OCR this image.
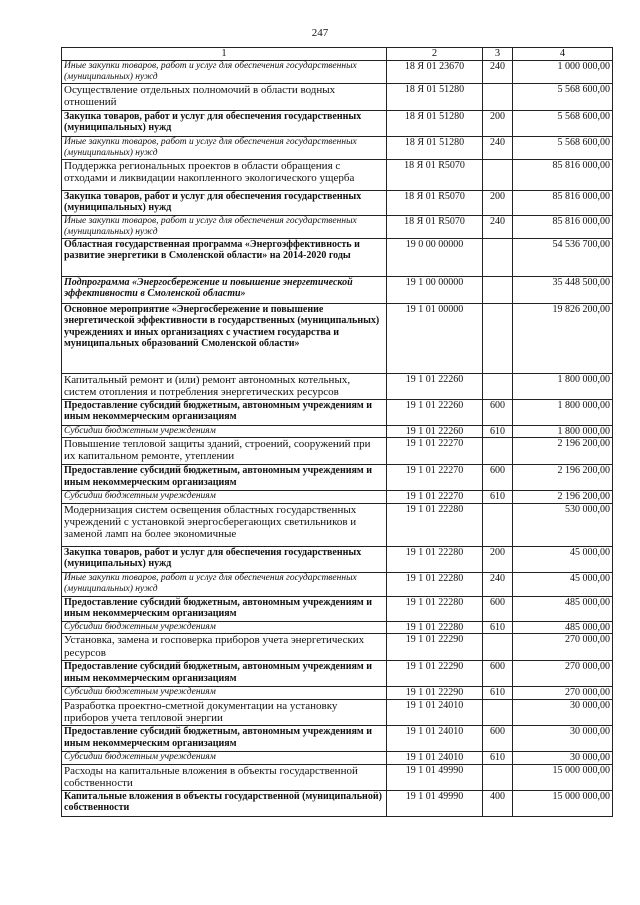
247
1	2	3	4
Иные закупки товаров, работ и услуг для обеспечения государственных (муниципальных) нужд	18 Я 01 23670	240	1 000 000,00
Осуществление отдельных полномочий в области водных отношений	18 Я 01 51280		5 568 600,00
Закупка товаров, работ и услуг для обеспечения государственных (муниципальных) нужд	18 Я 01 51280	200	5 568 600,00
Иные закупки товаров, работ и услуг для обеспечения государственных (муниципальных) нужд	18 Я 01 51280	240	5 568 600,00
Поддержка региональных проектов в области обращения с отходами и ликвидации накопленного экологического ущерба	18 Я 01 R5070		85 816 000,00
Закупка товаров, работ и услуг для обеспечения государственных (муниципальных) нужд	18 Я 01 R5070	200	85 816 000,00
Иные закупки товаров, работ и услуг для обеспечения государственных (муниципальных) нужд	18 Я 01 R5070	240	85 816 000,00
Областная государственная программа «Энергоэффективность и развитие энергетики в Смоленской области» на 2014-2020 годы	19 0 00 00000		54 536 700,00
Подпрограмма «Энергосбережение и повышение энергетической эффективности в Смоленской области»	19 1 00 00000		35 448 500,00
Основное мероприятие «Энергосбережение и повышение энергетической эффективности в государственных (муниципальных) учреждениях и иных организациях с участием государства и муниципальных образований Смоленской области»	19 1 01 00000		19 826 200,00
Капитальный ремонт и (или) ремонт автономных котельных, систем отопления и потребления энергетических ресурсов	19 1 01 22260		1 800 000,00
Предоставление субсидий бюджетным, автономным учреждениям и иным некоммерческим организациям	19 1 01 22260	600	1 800 000,00
Субсидии бюджетным учреждениям	19 1 01 22260	610	1 800 000,00
Повышение тепловой защиты зданий, строений, сооружений при их капитальном ремонте, утеплении	19 1 01 22270		2 196 200,00
Предоставление субсидий бюджетным, автономным учреждениям и иным некоммерческим организациям	19 1 01 22270	600	2 196 200,00
Субсидии бюджетным учреждениям	19 1 01 22270	610	2 196 200,00
Модернизация систем освещения областных государственных учреждений с установкой энергосберегающих светильников и заменой ламп на более экономичные	19 1 01 22280		530 000,00
Закупка товаров, работ и услуг для обеспечения государственных (муниципальных) нужд	19 1 01 22280	200	45 000,00
Иные закупки товаров, работ и услуг для обеспечения государственных (муниципальных) нужд	19 1 01 22280	240	45 000,00
Предоставление субсидий бюджетным, автономным учреждениям и иным некоммерческим организациям	19 1 01 22280	600	485 000,00
Субсидии бюджетным учреждениям	19 1 01 22280	610	485 000,00
Установка, замена и госповерка приборов учета энергетических ресурсов	19 1 01 22290		270 000,00
Предоставление субсидий бюджетным, автономным учреждениям и иным некоммерческим организациям	19 1 01 22290	600	270 000,00
Субсидии бюджетным учреждениям	19 1 01 22290	610	270 000,00
Разработка проектно-сметной документации на установку приборов учета тепловой энергии	19 1 01 24010		30 000,00
Предоставление субсидий бюджетным, автономным учреждениям и иным некоммерческим организациям	19 1 01 24010	600	30 000,00
Субсидии бюджетным учреждениям	19 1 01 24010	610	30 000,00
Расходы на капитальные вложения в объекты государственной собственности	19 1 01 49990		15 000 000,00
Капитальные вложения в объекты государственной (муниципальной) собственности	19 1 01 49990	400	15 000 000,00
